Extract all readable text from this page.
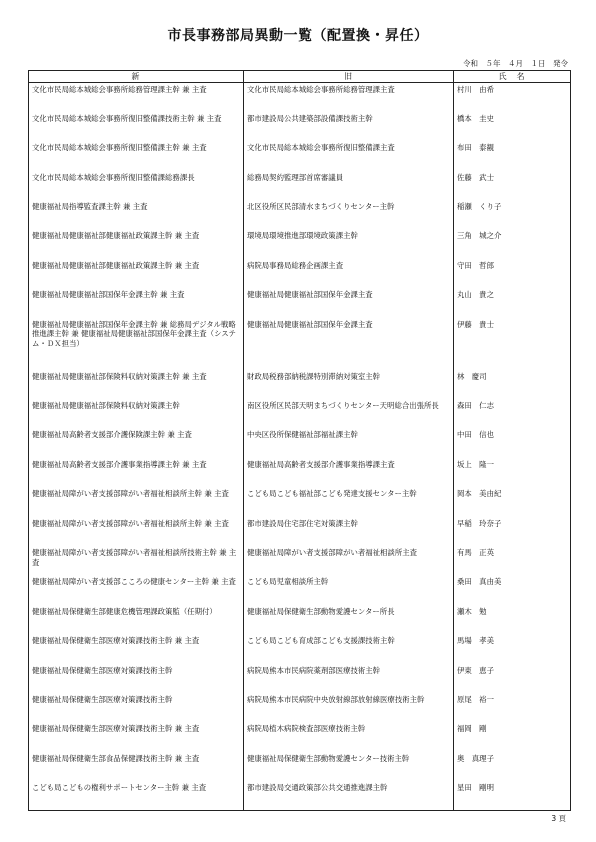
市長事務部局異動一覧（配置換・昇任）
令和　５年　４月　１日　発令
新	旧	氏　名
文化市民局総本城総会事務所総務管理課主幹 兼 主査	文化市民局総本城総会事務所総務管理課主査	村川　由希
文化市民局総本城総会事務所復旧整備課技術主幹 兼 主査	都市建設局公共建築部設備課技術主幹	橋本　圭史
文化市民局総本城総会事務所復旧整備課主幹 兼 主査	文化市民局総本城総会事務所復旧整備課主査	布田　泰観
文化市民局総本城総会事務所復旧整備課総務課長	総務局契約監理部首席審議員	佐藤　武士
健康福祉局指導監査課主幹 兼 主査	北区役所区民部清水まちづくりセンター主幹	稲瀬　くり子
健康福祉局健康福祉部健康福祉政策課主幹 兼 主査	環境局環境推進部環境政策課主幹	三角　城之介
健康福祉局健康福祉部健康福祉政策課主幹 兼 主査	病院局事務局総務企画課主査	守田　哲郎
健康福祉局健康福祉部国保年金課主幹 兼 主査	健康福祉局健康福祉部国保年金課主査	丸山　貴之
健康福祉局健康福祉部国保年金課主幹 兼 総務局デジタル戦略推進課主幹 兼 健康福祉局健康福祉部国保年金課主査（システム・ＤＸ担当）	健康福祉局健康福祉部国保年金課主査	伊藤　貴士
健康福祉局健康福祉部保険料収納対策課主幹 兼 主査	財政局税務部納税課特別滞納対策室主幹	林　慶司
健康福祉局健康福祉部保険料収納対策課主幹	南区役所区民部天明まちづくりセンター天明総合出張所長	森田　仁志
健康福祉局高齢者支援部介護保険課主幹 兼 主査	中央区役所保健福祉部福祉課主幹	中田　信也
健康福祉局高齢者支援部介護事業指導課主幹 兼 主査	健康福祉局高齢者支援部介護事業指導課主査	坂上　隆一
健康福祉局障がい者支援部障がい者福祉相談所主幹 兼 主査	こども局こども福祉部こども発達支援センター主幹	岡本　美由紀
健康福祉局障がい者支援部障がい者福祉相談所主幹 兼 主査	都市建設局住宅部住宅対策課主幹	早稲　玲奈子
健康福祉局障がい者支援部障がい者福祉相談所技術主幹 兼 主査	健康福祉局障がい者支援部障がい者福祉相談所主査	有馬　正英
健康福祉局障がい者支援部こころの健康センター主幹 兼 主査	こども局児童相談所主幹	桑田　真由美
健康福祉局保健衛生部健康危機管理課政策監（任期付）	健康福祉局保健衛生部動物愛護センター所長	瀬木　勉
健康福祉局保健衛生部医療対策課技術主幹 兼 主査	こども局こども育成部こども支援課技術主幹	馬場　孝美
健康福祉局保健衛生部医療対策課技術主幹	病院局熊本市民病院薬剤部医療技術主幹	伊東　恵子
健康福祉局保健衛生部医療対策課技術主幹	病院局熊本市民病院中央放射線部放射線医療技術主幹	原尾　裕一
健康福祉局保健衛生部医療対策課技術主幹 兼 主査	病院局植木病院検査部医療技術主幹	福岡　剛
健康福祉局保健衛生部食品保健課技術主幹 兼 主査	健康福祉局保健衛生部動物愛護センター技術主幹	奥　真理子
こども局こどもの権利サポートセンター主幹 兼 主査	都市建設局交通政策部公共交通推進課主幹	星田　剛明
3 頁
